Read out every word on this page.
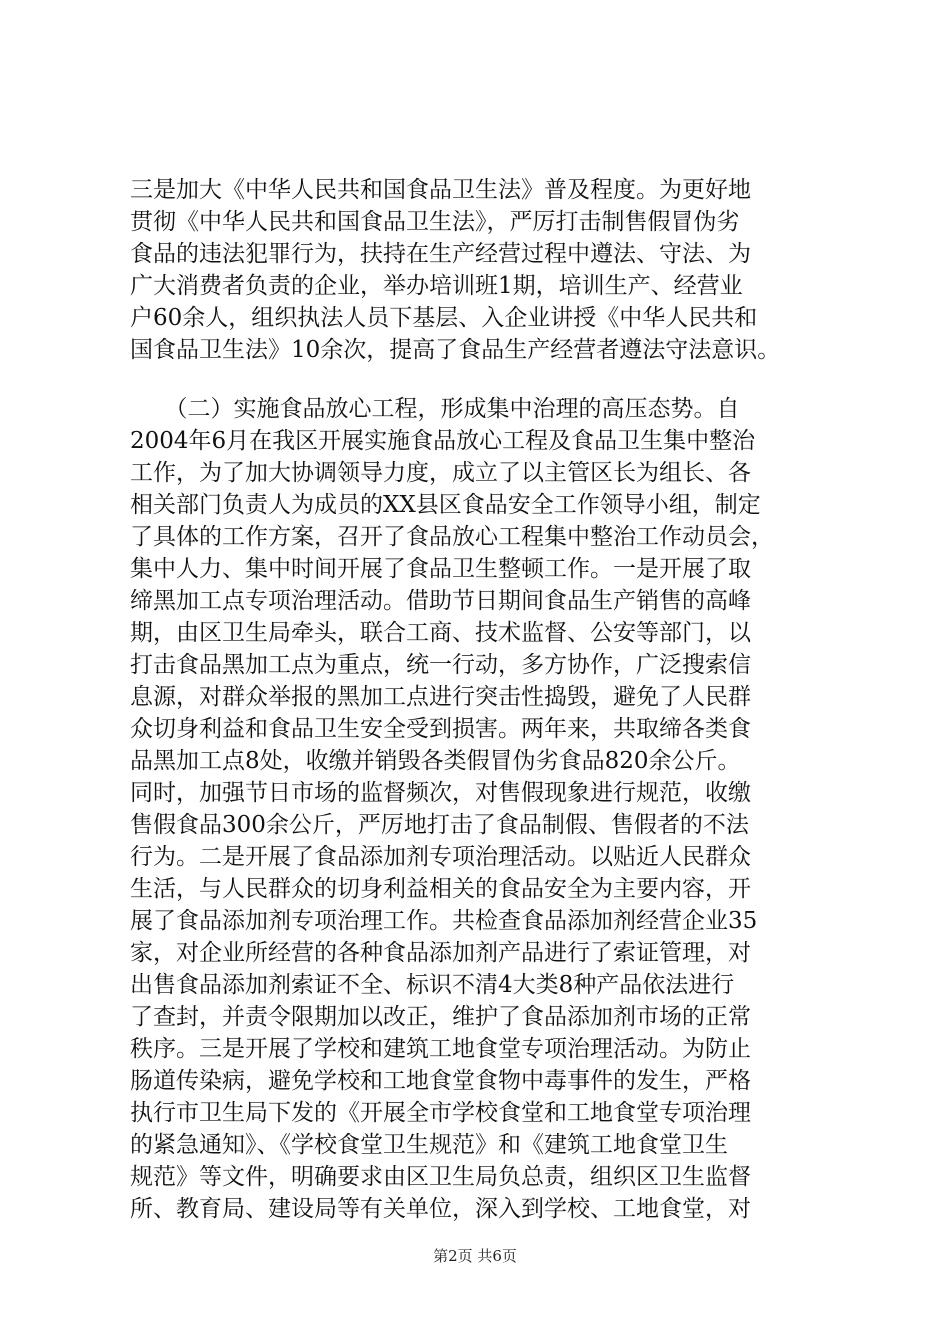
三是加大《中华人民共和国食品卫生法》普及程度。为更好地
贯彻《中华人民共和国食品卫生法》，严厉打击制售假冒伪劣
食品的违法犯罪行为，扶持在生产经营过程中遵法、守法、为
广大消费者负责的企业，举办培训班1期，培训生产、经营业
户60余人，组织执法人员下基层、入企业讲授《中华人民共和
国食品卫生法》10余次，提高了食品生产经营者遵法守法意识。
　　（二）实施食品放心工程，形成集中治理的高压态势。自
2004年6月在我区开展实施食品放心工程及食品卫生集中整治
工作，为了加大协调领导力度，成立了以主管区长为组长、各
相关部门负责人为成员的XX县区食品安全工作领导小组，制定
了具体的工作方案，召开了食品放心工程集中整治工作动员会，
集中人力、集中时间开展了食品卫生整顿工作。一是开展了取
缔黑加工点专项治理活动。借助节日期间食品生产销售的高峰
期，由区卫生局牵头，联合工商、技术监督、公安等部门，以
打击食品黑加工点为重点，统一行动，多方协作，广泛搜索信
息源，对群众举报的黑加工点进行突击性捣毁，避免了人民群
众切身利益和食品卫生安全受到损害。两年来，共取缔各类食
品黑加工点8处，收缴并销毁各类假冒伪劣食品820余公斤。
同时，加强节日市场的监督频次，对售假现象进行规范，收缴
售假食品300余公斤，严厉地打击了食品制假、售假者的不法
行为。二是开展了食品添加剂专项治理活动。以贴近人民群众
生活，与人民群众的切身利益相关的食品安全为主要内容，开
展了食品添加剂专项治理工作。共检查食品添加剂经营企业35
家，对企业所经营的各种食品添加剂产品进行了索证管理，对
出售食品添加剂索证不全、标识不清4大类8种产品依法进行
了查封，并责令限期加以改正，维护了食品添加剂市场的正常
秩序。三是开展了学校和建筑工地食堂专项治理活动。为防止
肠道传染病，避免学校和工地食堂食物中毒事件的发生，严格
执行市卫生局下发的《开展全市学校食堂和工地食堂专项治理
的紧急通知》、《学校食堂卫生规范》和《建筑工地食堂卫生
规范》等文件，明确要求由区卫生局负总责，组织区卫生监督
所、教育局、建设局等有关单位，深入到学校、工地食堂，对
第2页 共6页
